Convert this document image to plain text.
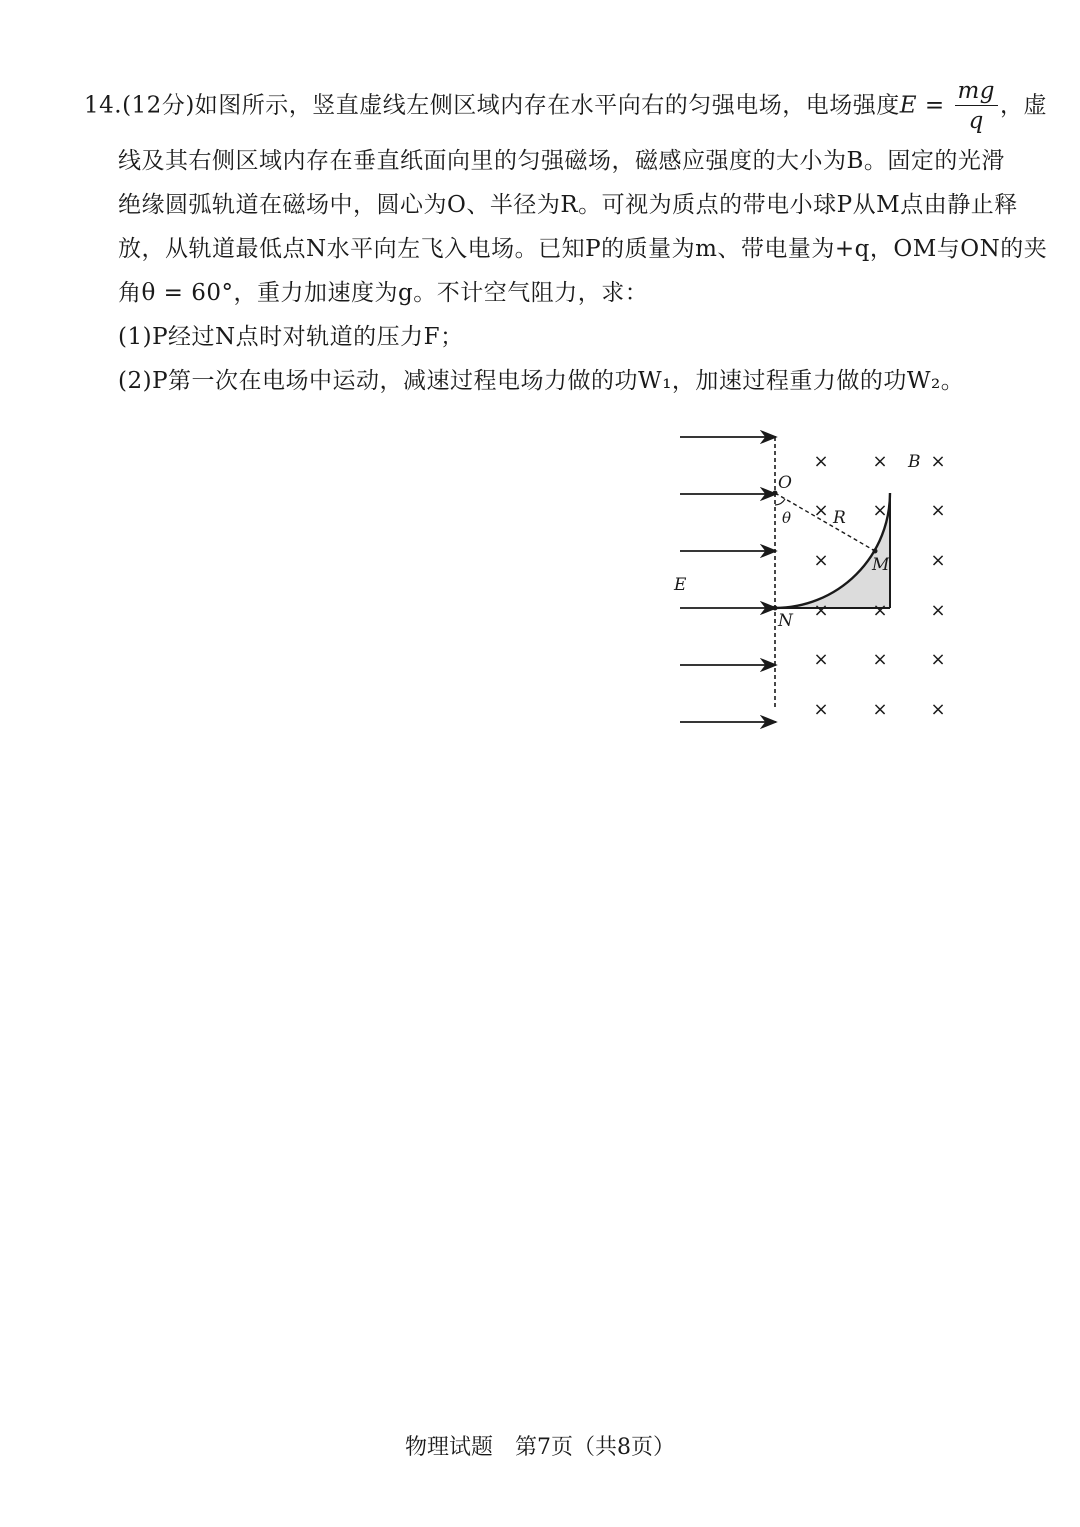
14.(12分)如图所示，竖直虚线左侧区域内存在水平向右的匀强电场，电场强度$E = \frac{mg}{q}$ ，虚
线及其右侧区域内存在垂直纸面向里的匀强磁场，磁感应强度的大小为B。固定的光滑
绝缘圆弧轨道在磁场中，圆心为O、半径为R。可视为质点的带电小球P从M点由静止释
放，从轨道最低点N水平向左飞入电场。已知P的质量为m、带电量为+q，OM与ON的夹
角θ = 60°，重力加速度为g。不计空气阻力，求：
(1)P经过N点时对轨道的压力F；
(2)P第一次在电场中运动，减速过程电场力做的功W₁，加速过程重力做的功W₂。
× × ×
× × ×
×	×
× × ×
× × ×
× × ×
B
O
θ R
M
E
N
物理试题　第7页（共8页）
